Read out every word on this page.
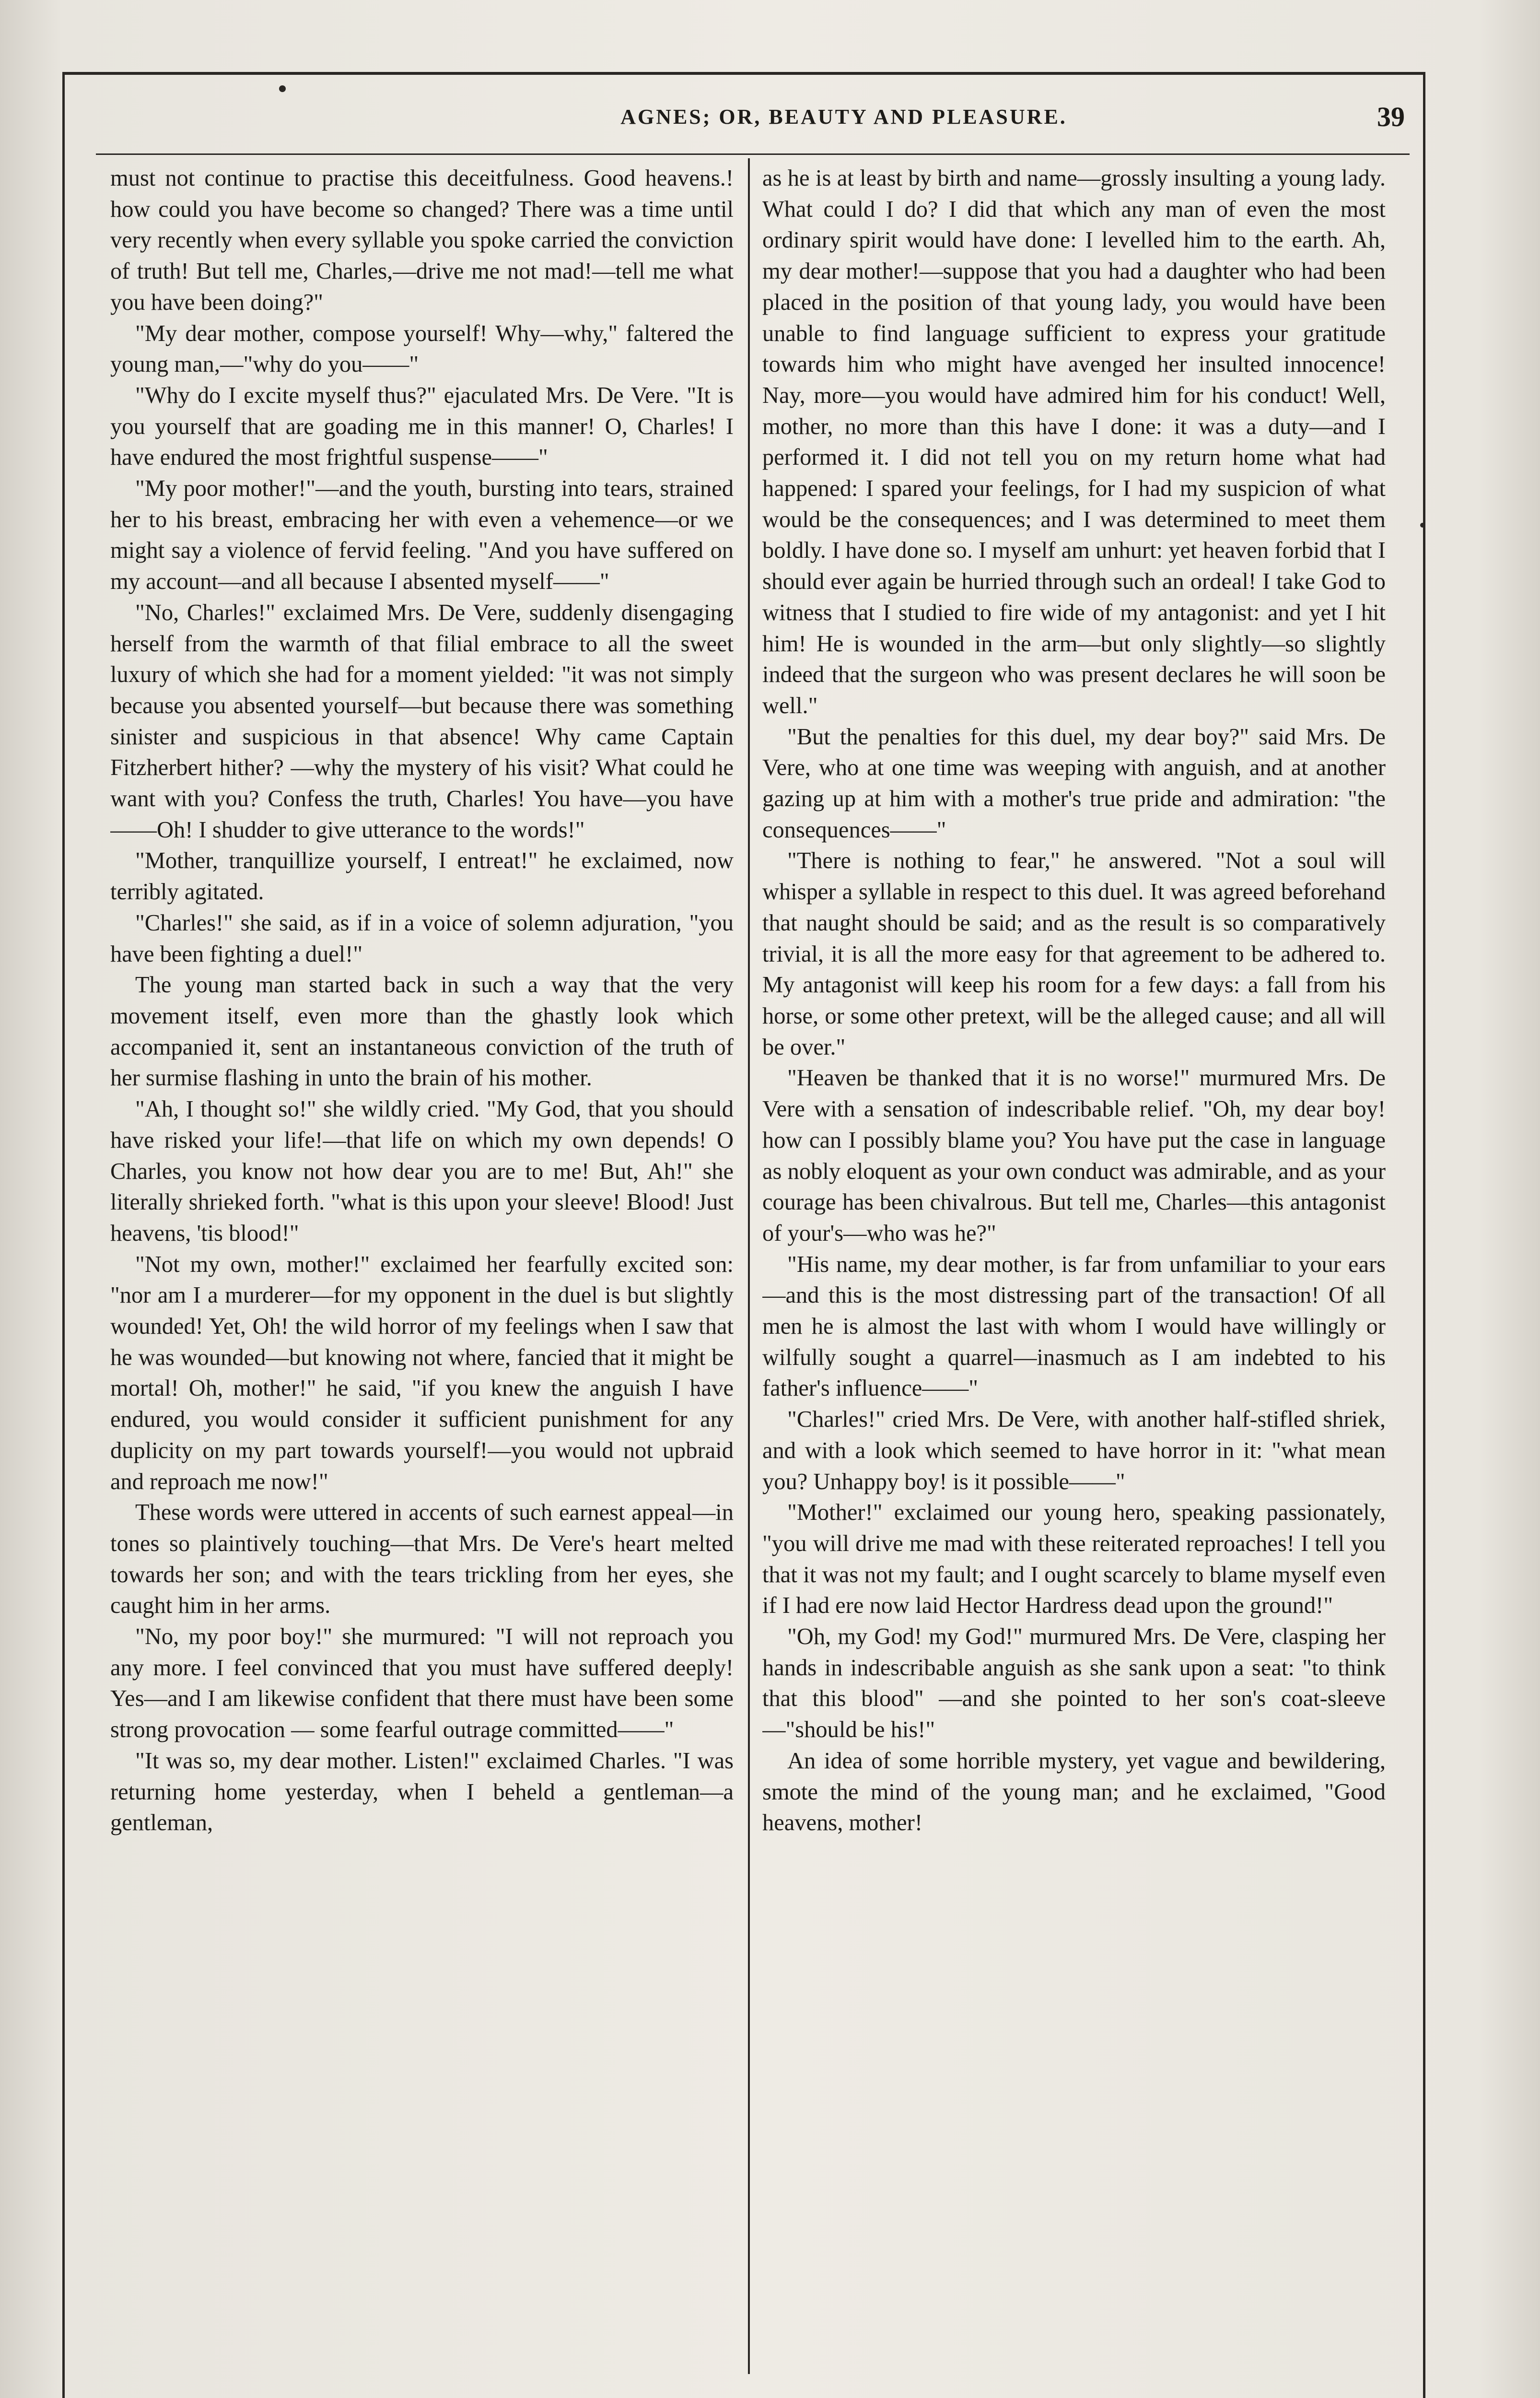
AGNES; OR, BEAUTY AND PLEASURE.	39

must not continue to practise this deceitfulness. Good heavens.! how could you have become so changed? There was a time until very recently when every syllable you spoke carried the conviction of truth! But tell me, Charles,—drive me not mad!—tell me what you have been doing?"

"My dear mother, compose yourself! Why—why," faltered the young man,—"why do you——"

"Why do I excite myself thus?" ejaculated Mrs. De Vere. "It is you yourself that are goading me in this manner! O, Charles! I have endured the most frightful suspense——"

"My poor mother!"—and the youth, bursting into tears, strained her to his breast, embracing her with even a vehemence—or we might say a violence of fervid feeling. "And you have suffered on my account—and all because I absented myself——"

"No, Charles!" exclaimed Mrs. De Vere, suddenly disengaging herself from the warmth of that filial embrace to all the sweet luxury of which she had for a moment yielded: "it was not simply because you absented yourself—but because there was something sinister and suspicious in that absence! Why came Captain Fitzherbert hither? —why the mystery of his visit? What could he want with you? Confess the truth, Charles! You have—you have——Oh! I shudder to give utterance to the words!"

"Mother, tranquillize yourself, I entreat!" he exclaimed, now terribly agitated.

"Charles!" she said, as if in a voice of solemn adjuration, "you have been fighting a duel!"

The young man started back in such a way that the very movement itself, even more than the ghastly look which accompanied it, sent an instantaneous conviction of the truth of her surmise flashing in unto the brain of his mother.

"Ah, I thought so!" she wildly cried. "My God, that you should have risked your life!—that life on which my own depends! O Charles, you know not how dear you are to me! But, Ah!" she literally shrieked forth. "what is this upon your sleeve! Blood! Just heavens, 'tis blood!"

"Not my own, mother!" exclaimed her fearfully excited son: "nor am I a murderer—for my opponent in the duel is but slightly wounded! Yet, Oh! the wild horror of my feelings when I saw that he was wounded—but knowing not where, fancied that it might be mortal! Oh, mother!" he said, "if you knew the anguish I have endured, you would consider it sufficient punishment for any duplicity on my part towards yourself!—you would not upbraid and reproach me now!"

These words were uttered in accents of such earnest appeal—in tones so plaintively touching—that Mrs. De Vere's heart melted towards her son; and with the tears trickling from her eyes, she caught him in her arms.

"No, my poor boy!" she murmured: "I will not reproach you any more. I feel convinced that you must have suffered deeply! Yes—and I am likewise confident that there must have been some strong provocation — some fearful outrage committed——"

"It was so, my dear mother. Listen!" exclaimed Charles. "I was returning home yesterday, when I beheld a gentleman—a gentleman,

as he is at least by birth and name—grossly insulting a young lady. What could I do? I did that which any man of even the most ordinary spirit would have done: I levelled him to the earth. Ah, my dear mother!—suppose that you had a daughter who had been placed in the position of that young lady, you would have been unable to find language sufficient to express your gratitude towards him who might have avenged her insulted innocence! Nay, more—you would have admired him for his conduct! Well, mother, no more than this have I done: it was a duty—and I performed it. I did not tell you on my return home what had happened: I spared your feelings, for I had my suspicion of what would be the consequences; and I was determined to meet them boldly. I have done so. I myself am unhurt: yet heaven forbid that I should ever again be hurried through such an ordeal! I take God to witness that I studied to fire wide of my antagonist: and yet I hit him! He is wounded in the arm—but only slightly—so slightly indeed that the surgeon who was present declares he will soon be well."

"But the penalties for this duel, my dear boy?" said Mrs. De Vere, who at one time was weeping with anguish, and at another gazing up at him with a mother's true pride and admiration: "the consequences——"

"There is nothing to fear," he answered. "Not a soul will whisper a syllable in respect to this duel. It was agreed beforehand that naught should be said; and as the result is so comparatively trivial, it is all the more easy for that agreement to be adhered to. My antagonist will keep his room for a few days: a fall from his horse, or some other pretext, will be the alleged cause; and all will be over."

"Heaven be thanked that it is no worse!" murmured Mrs. De Vere with a sensation of indescribable relief. "Oh, my dear boy! how can I possibly blame you? You have put the case in language as nobly eloquent as your own conduct was admirable, and as your courage has been chivalrous. But tell me, Charles—this antagonist of your's—who was he?"

"His name, my dear mother, is far from unfamiliar to your ears—and this is the most distressing part of the transaction! Of all men he is almost the last with whom I would have willingly or wilfully sought a quarrel—inasmuch as I am indebted to his father's influence——"

"Charles!" cried Mrs. De Vere, with another half-stifled shriek, and with a look which seemed to have horror in it: "what mean you? Unhappy boy! is it possible——"

"Mother!" exclaimed our young hero, speaking passionately, "you will drive me mad with these reiterated reproaches! I tell you that it was not my fault; and I ought scarcely to blame myself even if I had ere now laid Hector Hardress dead upon the ground!"

"Oh, my God! my God!" murmured Mrs. De Vere, clasping her hands in indescribable anguish as she sank upon a seat: "to think that this blood" —and she pointed to her son's coat-sleeve—"should be his!"

An idea of some horrible mystery, yet vague and bewildering, smote the mind of the young man; and he exclaimed, "Good heavens, mother!
